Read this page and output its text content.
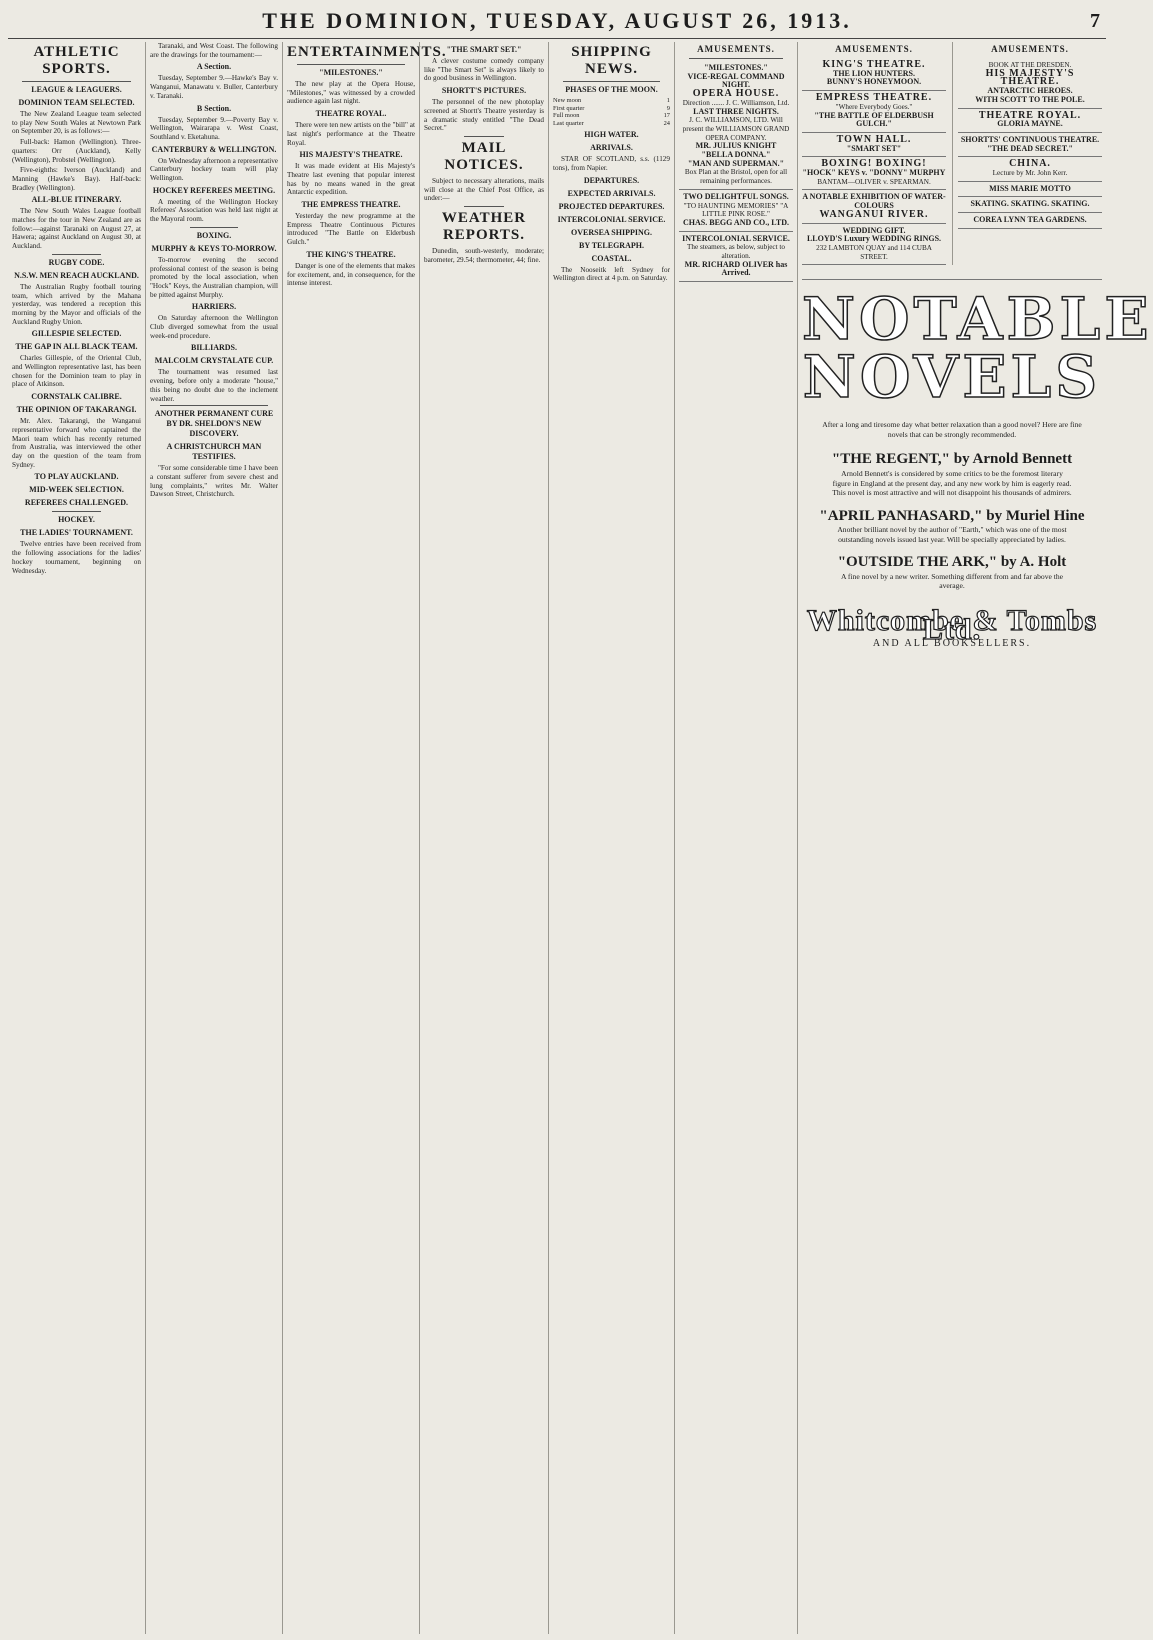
THE DOMINION, TUESDAY, AUGUST 26, 1913.	7
ATHLETIC SPORTS.
LEAGUE & LEAGUERS.
DOMINION TEAM SELECTED.

The New Zealand League team selected to play New South Wales at Newtown Park on September 20, is as follows:—

Full-back: Hamon (Wellington). Three-quarters: Orr (Auckland), Kelly (Wellington), Probstel (Wellington).

Five-eighths: Iverson (Auckland) and Manning (Hawke's Bay). Half-back: Bradley (Wellington).

ALL-BLUE ITINERARY.

The New South Wales League football matches for the tour in New Zealand are as follow:—against Taranaki on August 27, at Hawera; against Auckland on August 30, at Auckland.

RUGBY CODE.
N.S.W. MEN REACH AUCKLAND.

The Australian Rugby football touring team, which arrived by the Mahana yesterday, was tendered a reception this morning by the Mayor and officials of the Auckland Rugby Union.

GILLESPIE SELECTED.
THE GAP IN ALL BLACK TEAM.

Charles Gillespie, of the Oriental Club, and Wellington representative last, has been chosen for the Dominion team to play in place of Atkinson.

CORNSTALK CALIBRE.
THE OPINION OF TAKARANGI.

Mr. Alex. Takarangi, the Wanganui representative forward who captained the Maori team which has recently returned from Australia, was interviewed the other day on the question of the team from Sydney.

TO PLAY AUCKLAND.
MID-WEEK SELECTION.
REFEREES CHALLENGED.
HOCKEY.
THE LADIES' TOURNAMENT.

Twelve entries have been received from the following associations for the ladies' hockey tournament, beginning on Wednesday.

Taranaki, and West Coast. The following are the drawings for the tournament:—

A Section.

Tuesday, September 9.—Hawke's Bay v. Wanganui, Manawatu v. Buller, Canterbury v. Taranaki.

B Section.

Tuesday, September 9.—Poverty Bay v. Wellington, Wairarapa v. West Coast, Southland v. Eketahuna.

CANTERBURY & WELLINGTON.

On Wednesday afternoon a representative Canterbury hockey team will play Wellington.

HOCKEY REFEREES MEETING.

A meeting of the Wellington Hockey Referees' Association was held last night at the Mayoral room.

BOXING.
MURPHY & KEYS TO-MORROW.

To-morrow evening the second professional contest of the season is being promoted by the local association, when "Hock" Keys, the Australian champion, will be pitted against Murphy.

HARRIERS.

On Saturday afternoon the Wellington Club diverged somewhat from the usual week-end procedure.

BILLIARDS.
MALCOLM CRYSTALATE CUP.

The tournament was resumed last evening, before only a moderate "house," this being no doubt due to the inclement weather.

ANOTHER PERMANENT CURE BY DR. SHELDON'S NEW DISCOVERY.
A CHRISTCHURCH MAN TESTIFIES.

"For some considerable time I have been a constant sufferer from severe chest and lung complaints," writes Mr. Walter Dawson Street, Christchurch.

ENTERTAINMENTS.
"MILESTONES."

The new play at the Opera House, "Milestones," was witnessed by a crowded audience again last night.

THEATRE ROYAL.

There were ten new artists on the "bill" at last night's performance at the Theatre Royal.

HIS MAJESTY'S THEATRE.

It was made evident at His Majesty's Theatre last evening that popular interest has by no means waned in the great Antarctic expedition.

THE EMPRESS THEATRE.

Yesterday the new programme at the Empress Theatre Continuous Pictures introduced "The Battle on Elderbush Gulch."

THE KING'S THEATRE.

Danger is one of the elements that makes for excitement, and, in consequence, for the intense interest.

"THE SMART SET."

A clever costume comedy company like "The Smart Set" is always likely to do good business in Wellington.

SHORTT'S PICTURES.

The personnel of the new photoplay screened at Shortt's Theatre yesterday is a dramatic study entitled "The Dead Secret."

MAIL NOTICES.

Subject to necessary alterations, mails will close at the Chief Post Office, as under:—

WEATHER REPORTS.

Dunedin, south-westerly, moderate; barometer, 29.54; thermometer, 44; fine.

SHIPPING NEWS.
PHASES OF THE MOON.
New moon	1
First quarter	9
Full moon	17
Last quarter	24
HIGH WATER.
ARRIVALS.

STAR OF SCOTLAND, s.s. (1129 tons), from Napier.

DEPARTURES.
EXPECTED ARRIVALS.
PROJECTED DEPARTURES.
INTERCOLONIAL SERVICE.
OVERSEA SHIPPING.
BY TELEGRAPH.
COASTAL.

The Nooseitk left Sydney for Wellington direct at 4 p.m. on Saturday.

AMUSEMENTS.
"MILESTONES."
VICE-REGAL COMMAND NIGHT.
OPERA HOUSE.
Direction ....... J. C. Williamson, Ltd.
LAST THREE NIGHTS.
J. C. WILLIAMSON, LTD. Will present the WILLIAMSON GRAND OPERA COMPANY.
MR. JULIUS KNIGHT
"BELLA DONNA."
"MAN AND SUPERMAN."
Box Plan at the Bristol, open for all remaining performances.
TWO DELIGHTFUL SONGS.
"TO HAUNTING MEMORIES" "A LITTLE PINK ROSE."
CHAS. BEGG AND CO., LTD.
INTERCOLONIAL SERVICE.
The steamers, as below, subject to alteration.
MR. RICHARD OLIVER has Arrived.
AMUSEMENTS.
KING'S THEATRE.
THE LION HUNTERS.
BUNNY'S HONEYMOON.
EMPRESS THEATRE.
"Where Everybody Goes."
"THE BATTLE OF ELDERBUSH GULCH."
TOWN HALL.
"SMART SET"
BOXING! BOXING!
"HOCK" KEYS v. "DONNY" MURPHY
BANTAM—OLIVER v. SPEARMAN.
A NOTABLE EXHIBITION OF WATER-COLOURS
WANGANUI RIVER.
WEDDING GIFT.
LLOYD'S Luxury WEDDING RINGS.
232 LAMBTON QUAY and 114 CUBA STREET.
AMUSEMENTS.
BOOK AT THE DRESDEN.
HIS MAJESTY'S THEATRE.
ANTARCTIC HEROES.
WITH SCOTT TO THE POLE.
THEATRE ROYAL.
GLORIA MAYNE.
SHORTTS' CONTINUOUS THEATRE.
"THE DEAD SECRET."
CHINA.
Lecture by Mr. John Kerr.
MISS MARIE MOTTO
SKATING. SKATING. SKATING.
COREA LYNN TEA GARDENS.
NOTABLE NOVELS
After a long and tiresome day what better relaxation than a good novel? Here are fine novels that can be strongly recommended.
"THE REGENT," by Arnold Bennett
Arnold Bennett's is considered by some critics to be the foremost literary figure in England at the present day, and any new work by him is eagerly read. This novel is most attractive and will not disappoint his thousands of admirers.
"APRIL PANHASARD," by Muriel Hine
Another brilliant novel by the author of "Earth," which was one of the most outstanding novels issued last year. Will be specially appreciated by ladies.
"OUTSIDE THE ARK," by A. Holt
A fine novel by a new writer. Something different from and far above the average.
Whitcombe & Tombs Ltd.
AND ALL BOOKSELLERS.
